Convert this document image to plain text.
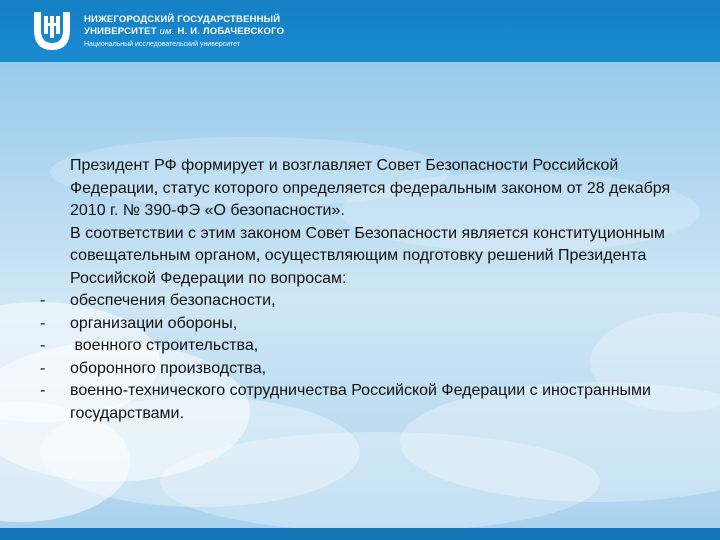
НИЖЕГОРОДСКИЙ ГОСУДАРСТВЕННЫЙ
УНИВЕРСИТЕТ им. Н. И. ЛОБАЧЕВСКОГО
Национальный исследовательский университет

Президент РФ формирует и возглавляет Совет Безопасности Российской Федерации, статус которого определяется федеральным законом от 28 декабря 2010 г. № 390-ФЭ «О безопасности».

В соответствии с этим законом Совет Безопасности является конституционным совещательным органом, осуществляющим подготовку решений Президента Российской Федерации по вопросам:

- обеспечения безопасности,
- организации обороны,
- военного строительства,
- оборонного производства,
- военно-технического сотрудничества Российской Федерации с иностранными государствами.
